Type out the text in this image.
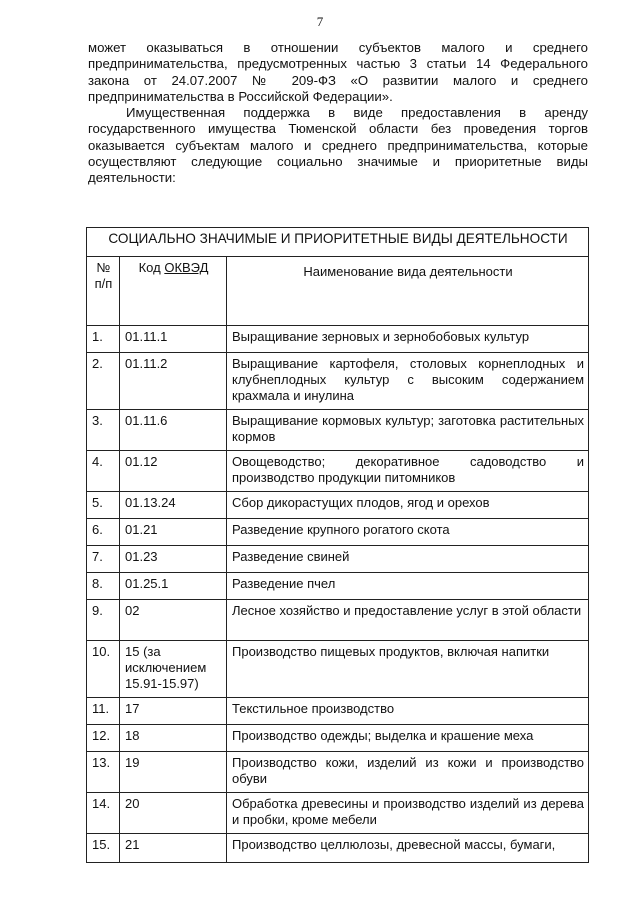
7

может оказываться в отношении субъектов малого и среднего предпринимательства, предусмотренных частью 3 статьи 14 Федерального закона от 24.07.2007 № 209-ФЗ «О развитии малого и среднего предпринимательства в Российской Федерации».

Имущественная поддержка в виде предоставления в аренду государственного имущества Тюменской области без проведения торгов оказывается субъектам малого и среднего предпринимательства, которые осуществляют следующие социально значимые и приоритетные виды деятельности:

СОЦИАЛЬНО ЗНАЧИМЫЕ И ПРИОРИТЕТНЫЕ ВИДЫ ДЕЯТЕЛЬНОСТИ		
№ п/п	Код ОКВЭД	Наименование вида деятельности
1.	01.11.1	Выращивание зерновых и зернобобовых культур
2.	01.11.2	Выращивание картофеля, столовых корнеплодных и клубнеплодных культур с высоким содержанием крахмала и инулина
3.	01.11.6	Выращивание кормовых культур; заготовка растительных кормов
4.	01.12	Овощеводство; декоративное садоводство и производство продукции питомников
5.	01.13.24	Сбор дикорастущих плодов, ягод и орехов
6.	01.21	Разведение крупного рогатого скота
7.	01.23	Разведение свиней
8.	01.25.1	Разведение пчел
9.	02	Лесное хозяйство и предоставление услуг в этой области
10.	15 (за исключением 15.91-15.97)	Производство пищевых продуктов, включая напитки
11.	17	Текстильное производство
12.	18	Производство одежды; выделка и крашение меха
13.	19	Производство кожи, изделий из кожи и производство обуви
14.	20	Обработка древесины и производство изделий из дерева и пробки, кроме мебели
15.	21	Производство целлюлозы, древесной массы, бумаги,
